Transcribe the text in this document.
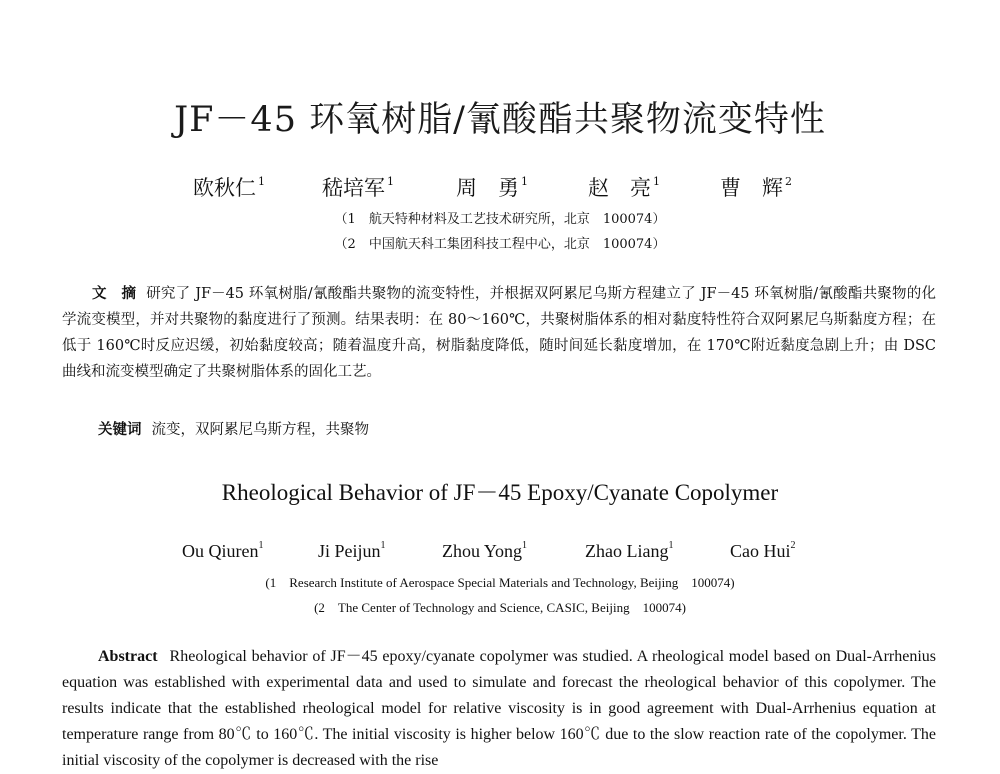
JF－45 环氧树脂/氰酸酯共聚物流变特性
欧秋仁 $^1$	嵇培军 $^1$	周　勇 $^1$	赵　亮 $^1$	曹　辉 $^2$
（1　航天特种材料及工艺技术研究所，北京　100074）
（2　中国航天科工集团科技工程中心，北京　100074）
文　摘 研究了 JF－45 环氧树脂/氰酸酯共聚物的流变特性，并根据双阿累尼乌斯方程建立了 JF－45 环氧树脂/氰酸酯共聚物的化学流变模型，并对共聚物的黏度进行了预测。结果表明：在 80～160℃，共聚树脂体系的相对黏度特性符合双阿累尼乌斯黏度方程；在低于 160℃时反应迟缓，初始黏度较高；随着温度升高，树脂黏度降低，随时间延长黏度增加，在 170℃附近黏度急剧上升；由 DSC 曲线和流变模型确定了共聚树脂体系的固化工艺。
关键词 流变，双阿累尼乌斯方程，共聚物
Rheological Behavior of JF－45 Epoxy/Cyanate Copolymer
Ou Qiuren$^1$	Ji Peijun$^1$	Zhou Yong$^1$	Zhao Liang$^1$	Cao Hui$^2$
(1　Research Institute of Aerospace Special Materials and Technology, Beijing　100074)
(2　The Center of Technology and Science, CASIC, Beijing　100074)
Abstract Rheological behavior of JF－45 epoxy/cyanate copolymer was studied. A rheological model based on Dual-Arrhenius equation was established with experimental data and used to simulate and forecast the rheological behavior of this copolymer. The results indicate that the established rheological model for relative viscosity is in good agreement with Dual-Arrhenius equation at temperature range from 80℃ to 160℃. The initial viscosity is higher below 160℃ due to the slow reaction rate of the copolymer. The initial viscosity of the copolymer is decreased with the rise
